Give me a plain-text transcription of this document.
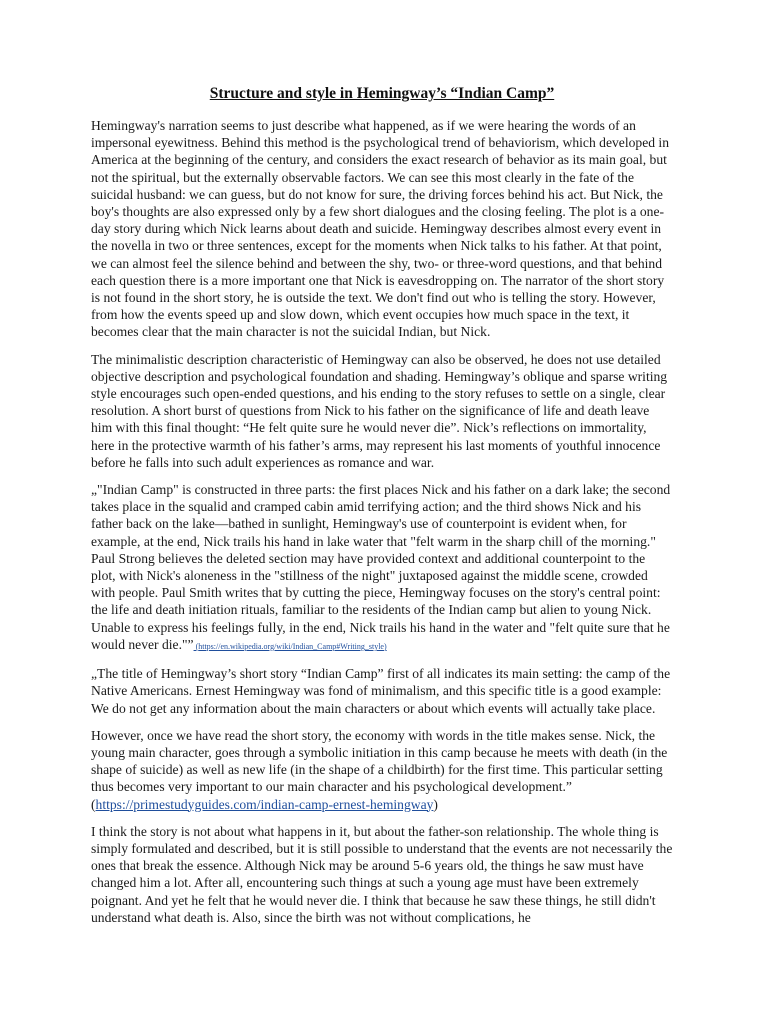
Structure and style in Hemingway’s “Indian Camp”

Hemingway's narration seems to just describe what happened, as if we were hearing the words of an impersonal eyewitness. Behind this method is the psychological trend of behaviorism, which developed in America at the beginning of the century, and considers the exact research of behavior as its main goal, but not the spiritual, but the externally observable factors. We can see this most clearly in the fate of the suicidal husband: we can guess, but do not know for sure, the driving forces behind his act. But Nick, the boy's thoughts are also expressed only by a few short dialogues and the closing feeling. The plot is a one-day story during which Nick learns about death and suicide. Hemingway describes almost every event in the novella in two or three sentences, except for the moments when Nick talks to his father. At that point, we can almost feel the silence behind and between the shy, two- or three-word questions, and that behind each question there is a more important one that Nick is eavesdropping on. The narrator of the short story is not found in the short story, he is outside the text. We don't find out who is telling the story. However, from how the events speed up and slow down, which event occupies how much space in the text, it becomes clear that the main character is not the suicidal Indian, but Nick.

The minimalistic description characteristic of Hemingway can also be observed, he does not use detailed objective description and psychological foundation and shading. Hemingway’s oblique and sparse writing style encourages such open-ended questions, and his ending to the story refuses to settle on a single, clear resolution. A short burst of questions from Nick to his father on the significance of life and death leave him with this final thought: “He felt quite sure he would never die”. Nick’s reflections on immortality, here in the protective warmth of his father’s arms, may represent his last moments of youthful innocence before he falls into such adult experiences as romance and war.

„"Indian Camp" is constructed in three parts: the first places Nick and his father on a dark lake; the second takes place in the squalid and cramped cabin amid terrifying action; and the third shows Nick and his father back on the lake—bathed in sunlight, Hemingway's use of counterpoint is evident when, for example, at the end, Nick trails his hand in lake water that "felt warm in the sharp chill of the morning." Paul Strong believes the deleted section may have provided context and additional counterpoint to the plot, with Nick's aloneness in the "stillness of the night" juxtaposed against the middle scene, crowded with people. Paul Smith writes that by cutting the piece, Hemingway focuses on the story's central point: the life and death initiation rituals, familiar to the residents of the Indian camp but alien to young Nick. Unable to express his feelings fully, in the end, Nick trails his hand in the water and "felt quite sure that he would never die."” (https://en.wikipedia.org/wiki/Indian_Camp#Writing_style)

„The title of Hemingway’s short story “Indian Camp” first of all indicates its main setting: the camp of the Native Americans. Ernest Hemingway was fond of minimalism, and this specific title is a good example: We do not get any information about the main characters or about which events will actually take place.

However, once we have read the short story, the economy with words in the title makes sense. Nick, the young main character, goes through a symbolic initiation in this camp because he meets with death (in the shape of suicide) as well as new life (in the shape of a childbirth) for the first time. This particular setting thus becomes very important to our main character and his psychological development.” (https://primestudyguides.com/indian-camp-ernest-hemingway)

I think the story is not about what happens in it, but about the father-son relationship. The whole thing is simply formulated and described, but it is still possible to understand that the events are not necessarily the ones that break the essence. Although Nick may be around 5-6 years old, the things he saw must have changed him a lot. After all, encountering such things at such a young age must have been extremely poignant. And yet he felt that he would never die. I think that because he saw these things, he still didn't understand what death is. Also, since the birth was not without complications, he
